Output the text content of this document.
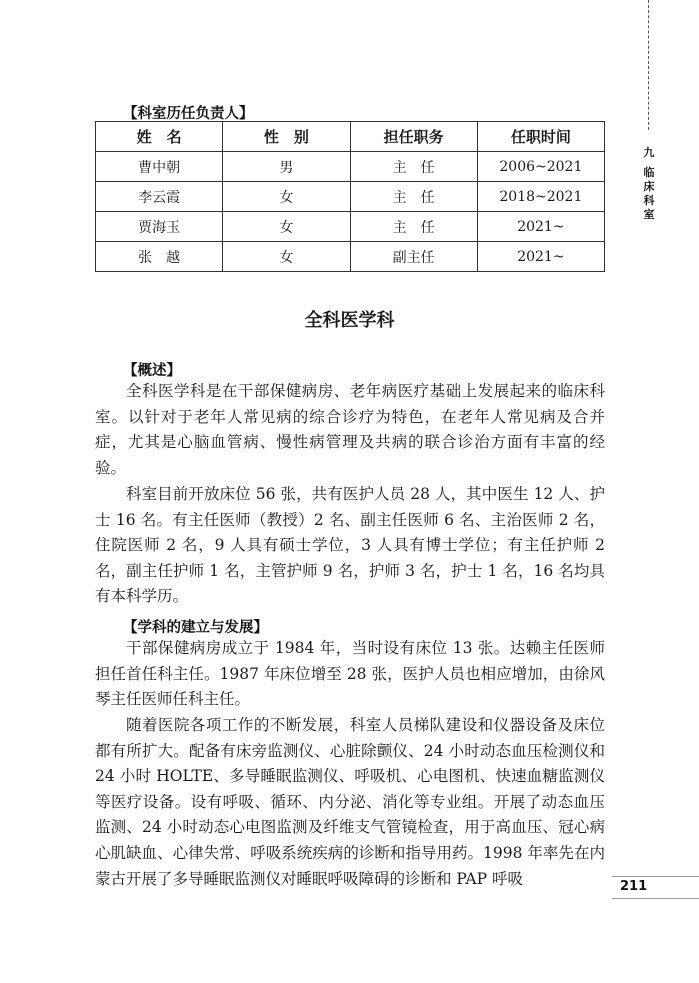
九
临床科室
【科室历任负责人】
姓　名	性　别	担任职务	任职时间
曹中朝	男	主　任	2006~2021
李云霞	女	主　任	2018~2021
贾海玉	女	主　任	2021~
张　越	女	副主任	2021~
全科医学科
【概述】

全科医学科是在干部保健病房、老年病医疗基础上发展起来的临床科室。以针对于老年人常见病的综合诊疗为特色，在老年人常见病及合并症，尤其是心脑血管病、慢性病管理及共病的联合诊治方面有丰富的经验。

科室目前开放床位 56 张，共有医护人员 28 人，其中医生 12 人、护士 16 名。有主任医师（教授）2 名、副主任医师 6 名、主治医师 2 名，住院医师 2 名，9 人具有硕士学位，3 人具有博士学位；有主任护师 2 名，副主任护师 1 名，主管护师 9 名，护师 3 名，护士 1 名，16 名均具有本科学历。

【学科的建立与发展】

干部保健病房成立于 1984 年，当时设有床位 13 张。达赖主任医师担任首任科主任。1987 年床位增至 28 张，医护人员也相应增加，由徐风琴主任医师任科主任。

随着医院各项工作的不断发展，科室人员梯队建设和仪器设备及床位都有所扩大。配备有床旁监测仪、心脏除颤仪、24 小时动态血压检测仪和 24 小时 HOLTE、多导睡眠监测仪、呼吸机、心电图机、快速血糖监测仪等医疗设备。设有呼吸、循环、内分泌、消化等专业组。开展了动态血压监测、24 小时动态心电图监测及纤维支气管镜检查，用于高血压、冠心病心肌缺血、心律失常、呼吸系统疾病的诊断和指导用药。1998 年率先在内蒙古开展了多导睡眠监测仪对睡眠呼吸障碍的诊断和 PAP 呼吸	211
